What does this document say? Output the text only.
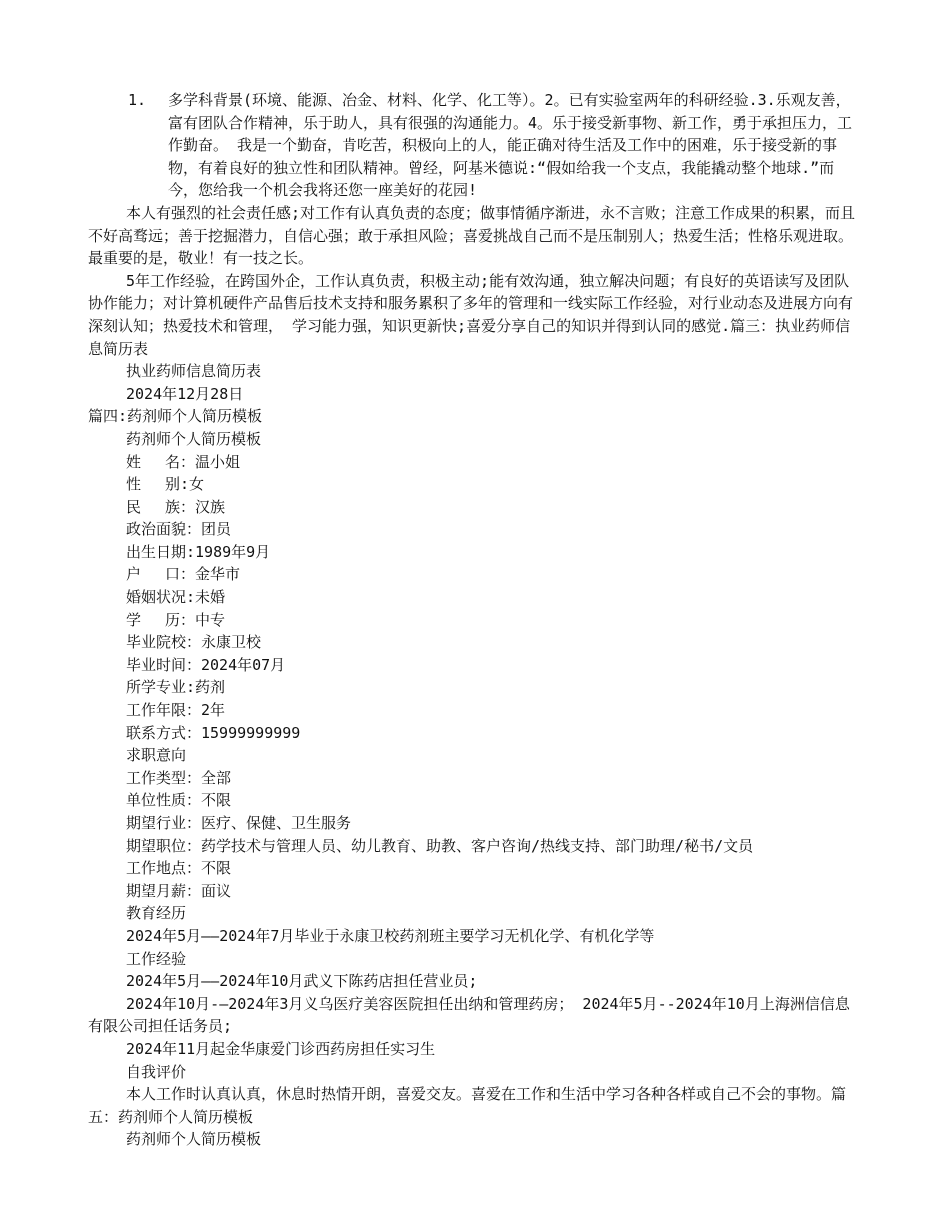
1.	多学科背景(环境、能源、冶金、材料、化学、化工等）。2。已有实验室两年的科研经验.3.乐观友善，富有团队合作精神，乐于助人，具有很强的沟通能力。4。乐于接受新事物、新工作，勇于承担压力，工作勤奋。 我是一个勤奋，肯吃苦，积极向上的人，能正确对待生活及工作中的困难，乐于接受新的事物，有着良好的独立性和团队精神。曾经，阿基米德说:“假如给我一个支点，我能撬动整个地球.”而今，您给我一个机会我将还您一座美好的花园!

本人有强烈的社会责任感;对工作有认真负责的态度；做事情循序渐进，永不言败；注意工作成果的积累，而且不好高骛远；善于挖掘潜力，自信心强；敢于承担风险；喜爱挑战自己而不是压制别人；热爱生活；性格乐观进取。最重要的是，敬业！有一技之长。

5年工作经验，在跨国外企，工作认真负责，积极主动;能有效沟通，独立解决问题；有良好的英语读写及团队协作能力；对计算机硬件产品售后技术支持和服务累积了多年的管理和一线实际工作经验，对行业动态及进展方向有深刻认知；热爱技术和管理， 学习能力强，知识更新快;喜爱分享自己的知识并得到认同的感觉.篇三：执业药师信息简历表

执业药师信息简历表

2024年12月28日

篇四:药剂师个人简历模板

药剂师个人简历模板

姓　 名：温小姐

性　 别:女

民　 族：汉族

政治面貌：团员

出生日期:1989年9月

户　 口：金华市

婚姻状况:未婚

学　 历：中专

毕业院校：永康卫校

毕业时间：2024年07月

所学专业:药剂

工作年限：2年

联系方式：15999999999

求职意向

工作类型：全部

单位性质：不限

期望行业：医疗、保健、卫生服务

期望职位：药学技术与管理人员、幼儿教育、助教、客户咨询/热线支持、部门助理/秘书/文员

工作地点：不限

期望月薪：面议

教育经历

2024年5月——2024年7月毕业于永康卫校药剂班主要学习无机化学、有机化学等

工作经验

2024年5月——2024年10月武义下陈药店担任营业员;

2024年10月-—2024年3月义乌医疗美容医院担任出纳和管理药房； 2024年5月--2024年10月上海洲信信息有限公司担任话务员;

2024年11月起金华康爱门诊西药房担任实习生

自我评价

本人工作时认真认真，休息时热情开朗，喜爱交友。喜爱在工作和生活中学习各种各样或自己不会的事物。篇五：药剂师个人简历模板

药剂师个人简历模板
